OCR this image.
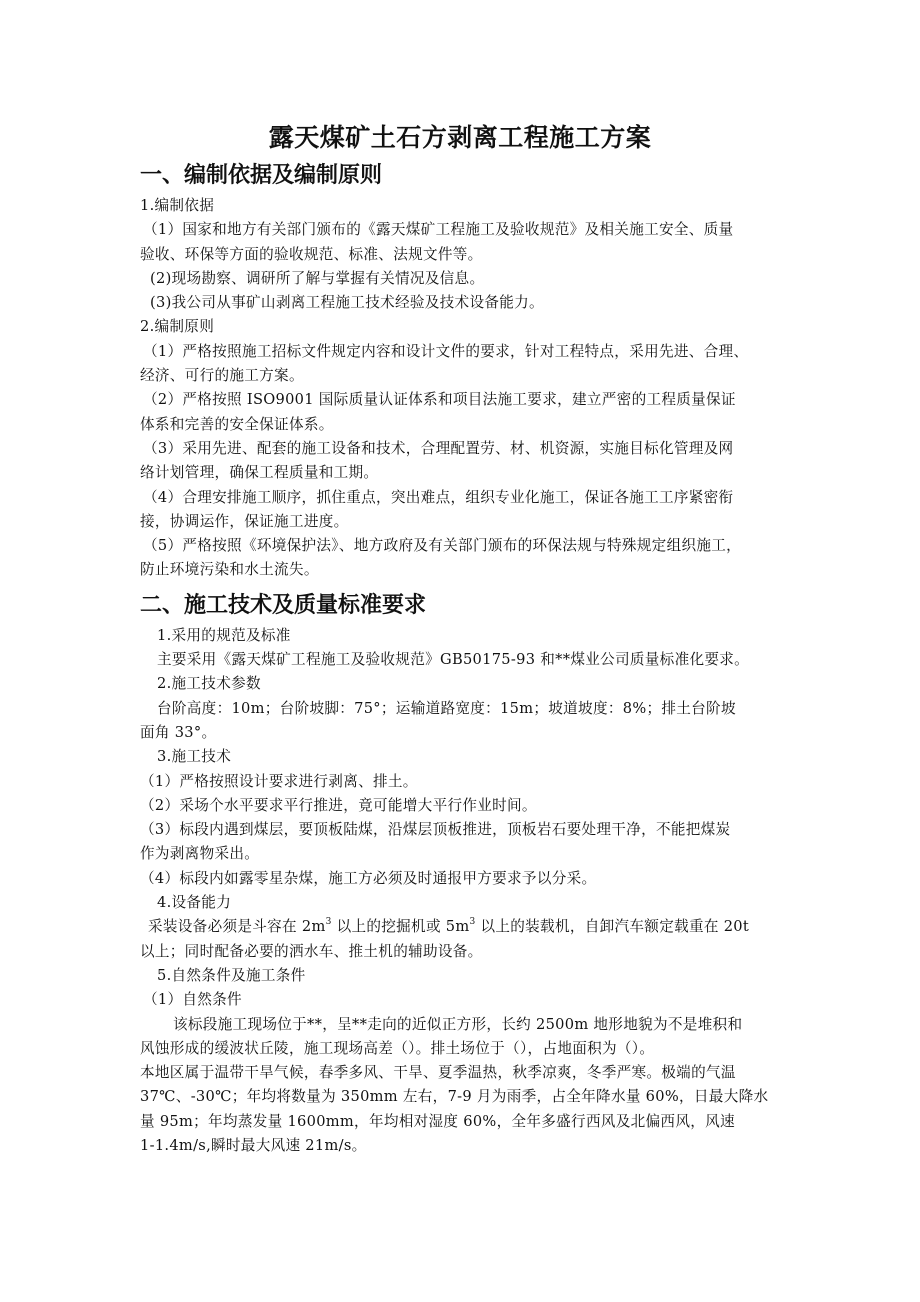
露天煤矿土石方剥离工程施工方案
一、编制依据及编制原则
1.编制依据
（1）国家和地方有关部门颁布的《露天煤矿工程施工及验收规范》及相关施工安全、质量
验收、环保等方面的验收规范、标准、法规文件等。
(2)现场勘察、调研所了解与掌握有关情况及信息。
(3)我公司从事矿山剥离工程施工技术经验及技术设备能力。
2.编制原则
（1）严格按照施工招标文件规定内容和设计文件的要求，针对工程特点，采用先进、合理、
经济、可行的施工方案。
（2）严格按照 ISO9001 国际质量认证体系和项目法施工要求，建立严密的工程质量保证
体系和完善的安全保证体系。
（3）采用先进、配套的施工设备和技术，合理配置劳、材、机资源，实施目标化管理及网
络计划管理，确保工程质量和工期。
（4）合理安排施工顺序，抓住重点，突出难点，组织专业化施工，保证各施工工序紧密衔
接，协调运作，保证施工进度。
（5）严格按照《环境保护法》、地方政府及有关部门颁布的环保法规与特殊规定组织施工，
防止环境污染和水土流失。
二、施工技术及质量标准要求
1.采用的规范及标准
主要采用《露天煤矿工程施工及验收规范》GB50175-93 和**煤业公司质量标准化要求。
2.施工技术参数
台阶高度：10m；台阶坡脚：75°；运输道路宽度：15m；坡道坡度：8%；排土台阶坡
面角 33°。
3.施工技术
（1）严格按照设计要求进行剥离、排土。
（2）采场个水平要求平行推进，竟可能增大平行作业时间。
（3）标段内遇到煤层，要顶板陆煤，沿煤层顶板推进，顶板岩石要处理干净，不能把煤炭
作为剥离物采出。
（4）标段内如露零星杂煤，施工方必须及时通报甲方要求予以分采。
4.设备能力
采装设备必须是斗容在 $2m^3$ 以上的挖掘机或 $5m^3$ 以上的装载机，自卸汽车额定载重在 20t
以上；同时配备必要的洒水车、推土机的辅助设备。
5.自然条件及施工条件
（1）自然条件
该标段施工现场位于**，呈**走向的近似正方形，长约 2500m 地形地貌为不是堆积和
风蚀形成的缓波状丘陵，施工现场高差（）。排土场位于（），占地面积为（）。
本地区属于温带干旱气候，春季多风、干旱、夏季温热，秋季凉爽，冬季严寒。极端的气温
37℃、-30℃；年均将数量为 350mm 左右，7-9 月为雨季，占全年降水量 60%，日最大降水
量 95m；年均蒸发量 1600mm，年均相对湿度 60%，全年多盛行西风及北偏西风，风速
1-1.4m/s,瞬时最大风速 21m/s。
